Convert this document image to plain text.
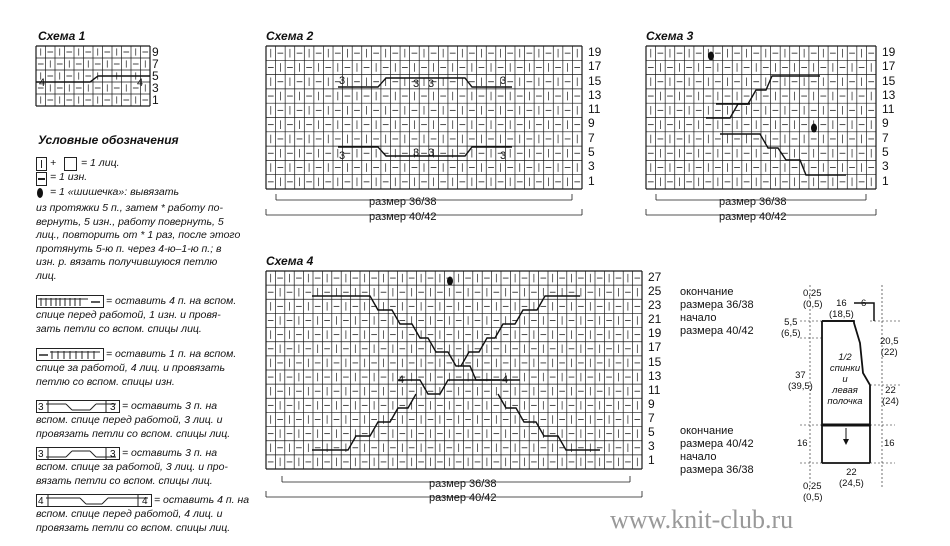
Схема 1
9
7
5
3
1
4	4
Условные обозначения
+ = 1 лиц.
= 1 изн.
= 1 «шишечка»: вывязать
из протяжки 5 п., затем * работу по-
вернуть, 5 изн., работу повернуть, 5
лиц., повторить от * 1 раз, после этого
протянуть 5-ю п. через 4-ю–1-ю п.; в
изн. р. вязать получившуюся петлю
лиц.
= оставить 4 п. на вспом.
спице перед работой, 1 изн. и провя-
зать петли со вспом. спицы лиц.
= оставить 1 п. на вспом.
спице за работой, 4 лиц. и провязать
петлю со вспом. спицы изн.
3	3 = оставить 3 п. на
вспом. спице перед работой, 3 лиц. и
провязать петли со вспом. спицы лиц.
3	3 = оставить 3 п. на
вспом. спице за работой, 3 лиц. и про-
вязать петли со вспом. спицы лиц.
4	4 = оставить 4 п. на
вспом. спице перед работой, 4 лиц. и
провязать петли со вспом. спицы лиц.
Схема 2
19
17
15
13
11
9
7
5
3
1
3	3 3	3
3	3 3	3
размер 36/38
размер 40/42
Схема 3
19
17
15
13
11
9
7
5
3
1
размер 36/38
размер 40/42
Схема 4
27
25
23
21
19
17
15
13
11
9
7
5
3
1
4	4
окончание
размера 36/38
начало
размера 40/42
окончание
размера 40/42
начало
размера 36/38
размер 36/38
размер 40/42
0,25
(0,5)	16
(18,5)
6
5,5
(6,5)
20,5
(22)
37
(39,5)	22
(24)
1/2
спинки
и
левая
полочка
16	16
22
(24,5)
0,25
(0,5)
www.knit-club.ru
